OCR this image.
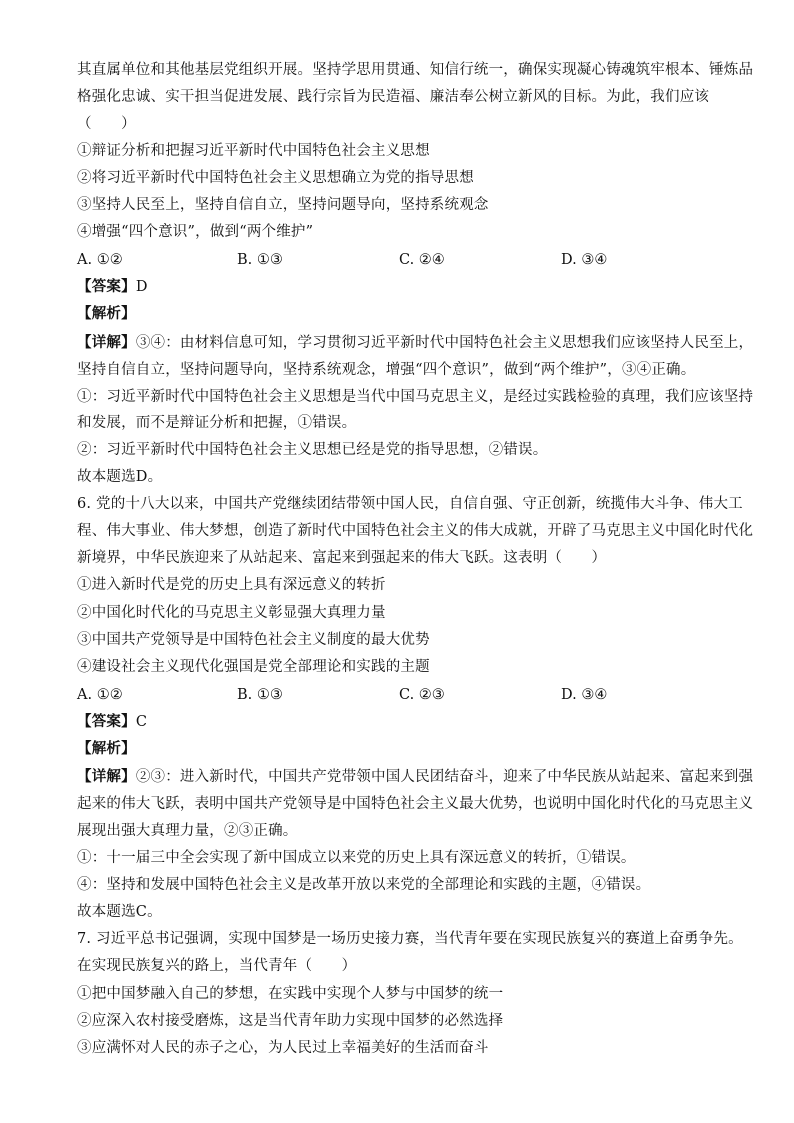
其直属单位和其他基层党组织开展。坚持学思用贯通、知信行统一，确保实现凝心铸魂筑牢根本、锤炼品
格强化忠诚、实干担当促进发展、践行宗旨为民造福、廉洁奉公树立新风的目标。为此，我们应该
（　　）
①辩证分析和把握习近平新时代中国特色社会主义思想
②将习近平新时代中国特色社会主义思想确立为党的指导思想
③坚持人民至上，坚持自信自立，坚持问题导向，坚持系统观念
④增强“四个意识”，做到“两个维护”
A. ①②	B. ①③	C. ②④	D. ③④
【答案】D
【解析】
【详解】③④：由材料信息可知，学习贯彻习近平新时代中国特色社会主义思想我们应该坚持人民至上，
坚持自信自立，坚持问题导向，坚持系统观念，增强“四个意识”，做到“两个维护”，③④正确。
①：习近平新时代中国特色社会主义思想是当代中国马克思主义，是经过实践检验的真理，我们应该坚持
和发展，而不是辩证分析和把握，①错误。
②：习近平新时代中国特色社会主义思想已经是党的指导思想，②错误。
故本题选D。
6. 党的十八大以来，中国共产党继续团结带领中国人民，自信自强、守正创新，统揽伟大斗争、伟大工
程、伟大事业、伟大梦想，创造了新时代中国特色社会主义的伟大成就，开辟了马克思主义中国化时代化
新境界，中华民族迎来了从站起来、富起来到强起来的伟大飞跃。这表明（　　）
①进入新时代是党的历史上具有深远意义的转折
②中国化时代化的马克思主义彰显强大真理力量
③中国共产党领导是中国特色社会主义制度的最大优势
④建设社会主义现代化强国是党全部理论和实践的主题
A. ①②	B. ①③	C. ②③	D. ③④
【答案】C
【解析】
【详解】②③：进入新时代，中国共产党带领中国人民团结奋斗，迎来了中华民族从站起来、富起来到强
起来的伟大飞跃，表明中国共产党领导是中国特色社会主义最大优势，也说明中国化时代化的马克思主义
展现出强大真理力量，②③正确。
①：十一届三中全会实现了新中国成立以来党的历史上具有深远意义的转折，①错误。
④：坚持和发展中国特色社会主义是改革开放以来党的全部理论和实践的主题，④错误。
故本题选C。
7. 习近平总书记强调，实现中国梦是一场历史接力赛，当代青年要在实现民族复兴的赛道上奋勇争先。
在实现民族复兴的路上，当代青年（　　）
①把中国梦融入自己的梦想，在实践中实现个人梦与中国梦的统一
②应深入农村接受磨炼，这是当代青年助力实现中国梦的必然选择
③应满怀对人民的赤子之心，为人民过上幸福美好的生活而奋斗
